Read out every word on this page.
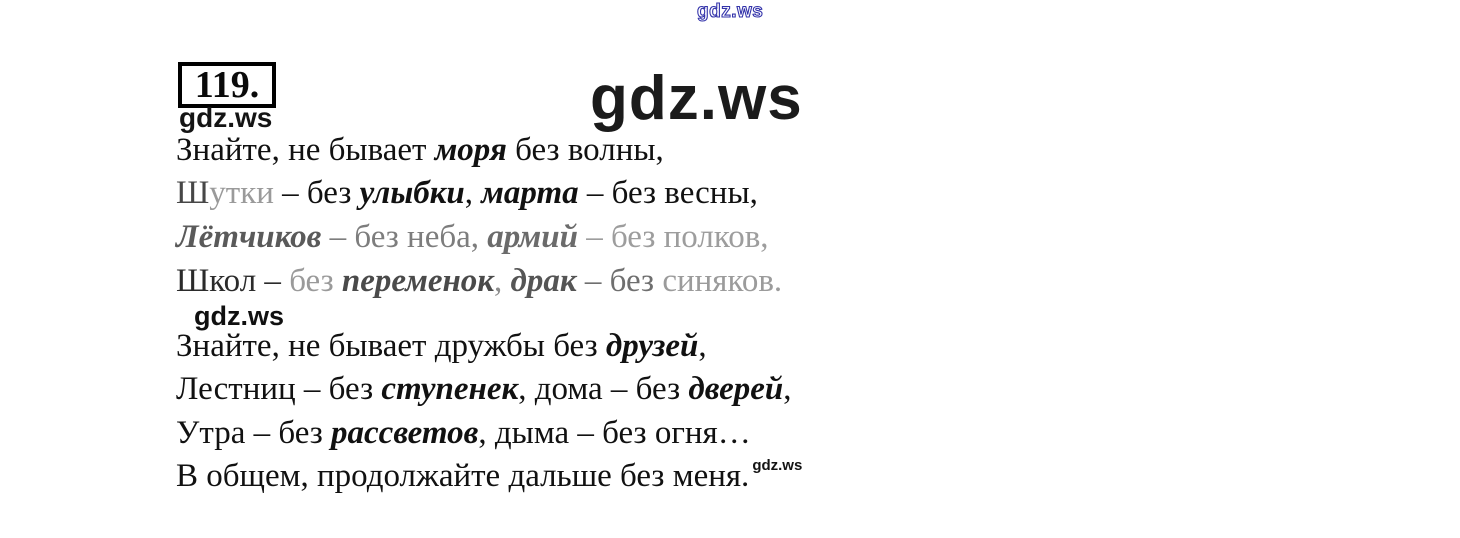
gdz.ws
119.
gdz.ws	gdz.ws
Знайте, не бывает моря без волны,
Шутки – без улыбки, марта – без весны,
Лётчиков – без неба, армий – без полков,
Школ – без переменок, драк – без синяков.
gdz.ws
Знайте, не бывает дружбы без друзей,
Лестниц – без ступенек, дома – без дверей,
Утра – без рассветов, дыма – без огня…
В общем, продолжайте дальше без меня. $^{gdz.ws}$
